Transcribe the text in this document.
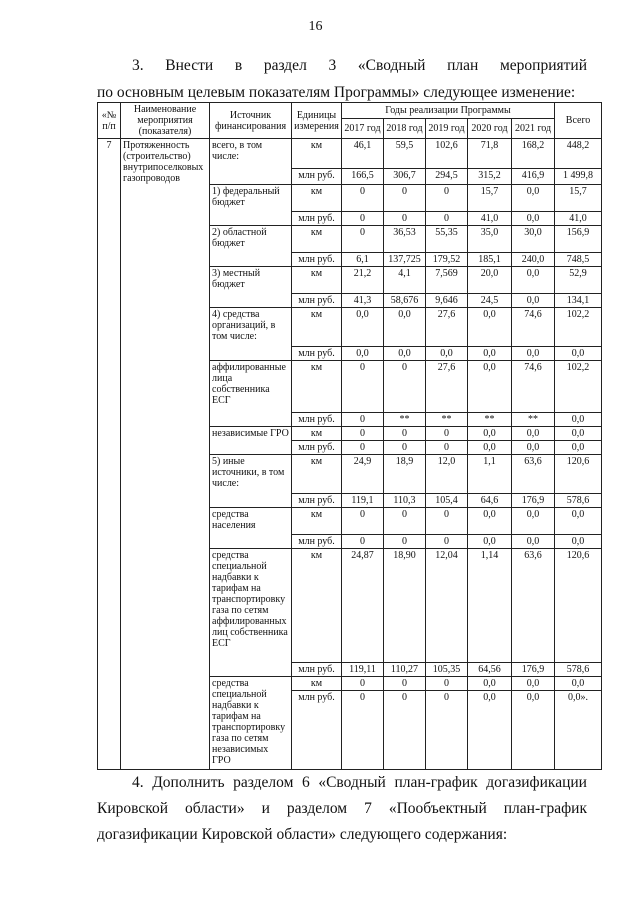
16
3. Внести в раздел 3 «Сводный план мероприятий
по основным целевым показателям Программы» следующее изменение:
«№ п/п	Наименование мероприятия (показателя)	Источник финансирования	Единицы измерения	Годы реализации Программы					Всего
				2017 год	2018 год	2019 год	2020 год	2021 год	
7	Протяженность (строительство) внутрипоселковых газопроводов	всего, в том числе:	км	46,1	59,5	102,6	71,8	168,2	448,2
			млн руб.	166,5	306,7	294,5	315,2	416,9	1 499,8
		1) федеральный бюджет	км	0	0	0	15,7	0,0	15,7
			млн руб.	0	0	0	41,0	0,0	41,0
		2) областной бюджет	км	0	36,53	55,35	35,0	30,0	156,9
			млн руб.	6,1	137,725	179,52	185,1	240,0	748,5
		3) местный бюджет	км	21,2	4,1	7,569	20,0	0,0	52,9
			млн руб.	41,3	58,676	9,646	24,5	0,0	134,1
		4) средства организаций, в том числе:	км	0,0	0,0	27,6	0,0	74,6	102,2
			млн руб.	0,0	0,0	0,0	0,0	0,0	0,0
		аффилированные лица собственника ЕСГ	км	0	0	27,6	0,0	74,6	102,2
			млн руб.	0	**	**	**	**	0,0
		независимые ГРО	км	0	0	0	0,0	0,0	0,0
			млн руб.	0	0	0	0,0	0,0	0,0
		5) иные источники, в том числе:	км	24,9	18,9	12,0	1,1	63,6	120,6
			млн руб.	119,1	110,3	105,4	64,6	176,9	578,6
		средства населения	км	0	0	0	0,0	0,0	0,0
			млн руб.	0	0	0	0,0	0,0	0,0
		средства специальной надбавки к тарифам на транспортировку газа по сетям аффилированных лиц собственника ЕСГ	км	24,87	18,90	12,04	1,14	63,6	120,6
			млн руб.	119,11	110,27	105,35	64,56	176,9	578,6
		средства специальной надбавки к тарифам на транспортировку газа по сетям независимых ГРО	км	0	0	0	0,0	0,0	0,0
			млн руб.	0	0	0	0,0	0,0	0,0».
4. Дополнить разделом 6 «Сводный план-график догазификации
Кировской области» и разделом 7 «Пообъектный план-график
догазификации Кировской области» следующего содержания:
